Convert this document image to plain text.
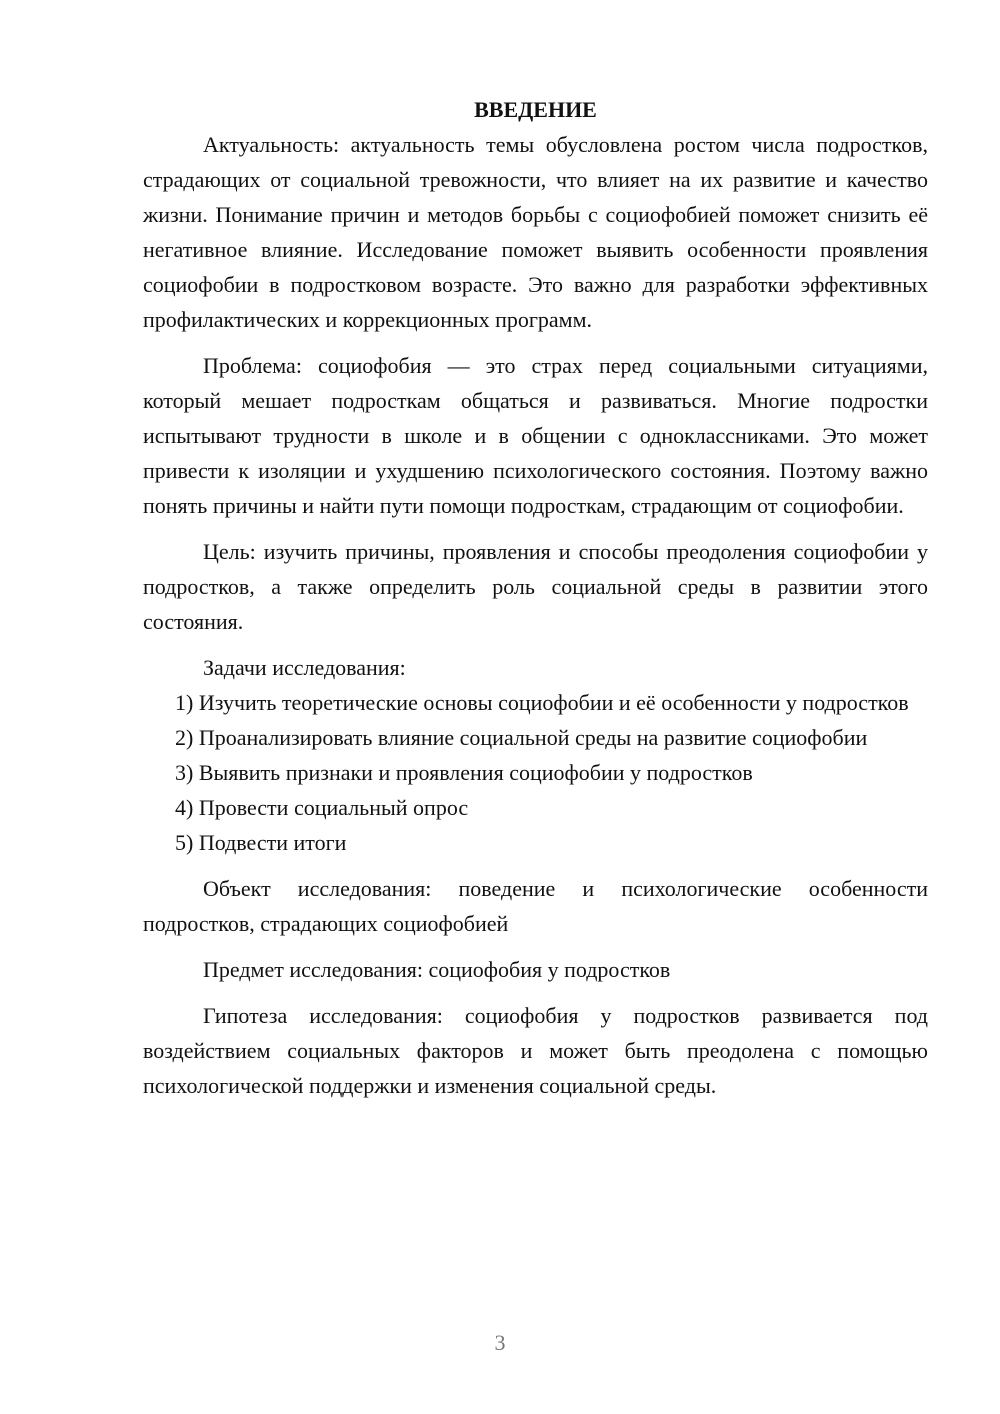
ВВЕДЕНИЕ

Актуальность: актуальность темы обусловлена ростом числа подростков, страдающих от социальной тревожности, что влияет на их развитие и качество жизни. Понимание причин и методов борьбы с социофобией поможет снизить её негативное влияние. Исследование поможет выявить особенности проявления социофобии в подростковом возрасте. Это важно для разработки эффективных профилактических и коррекционных программ.

Проблема: социофобия — это страх перед социальными ситуациями, который мешает подросткам общаться и развиваться. Многие подростки испытывают трудности в школе и в общении с одноклассниками. Это может привести к изоляции и ухудшению психологического состояния. Поэтому важно понять причины и найти пути помощи подросткам, страдающим от социофобии.

Цель: изучить причины, проявления и способы преодоления социофобии у подростков, а также определить роль социальной среды в развитии этого состояния.

Задачи исследования:

1) Изучить теоретические основы социофобии и её особенности у подростков

2) Проанализировать влияние социальной среды на развитие социофобии

3) Выявить признаки и проявления социофобии у подростков

4) Провести социальный опрос

5) Подвести итоги

Объект исследования: поведение и психологические особенности подростков, страдающих социофобией

Предмет исследования: социофобия у подростков

Гипотеза исследования: социофобия у подростков развивается под воздействием социальных факторов и может быть преодолена с помощью психологической поддержки и изменения социальной среды.

3
